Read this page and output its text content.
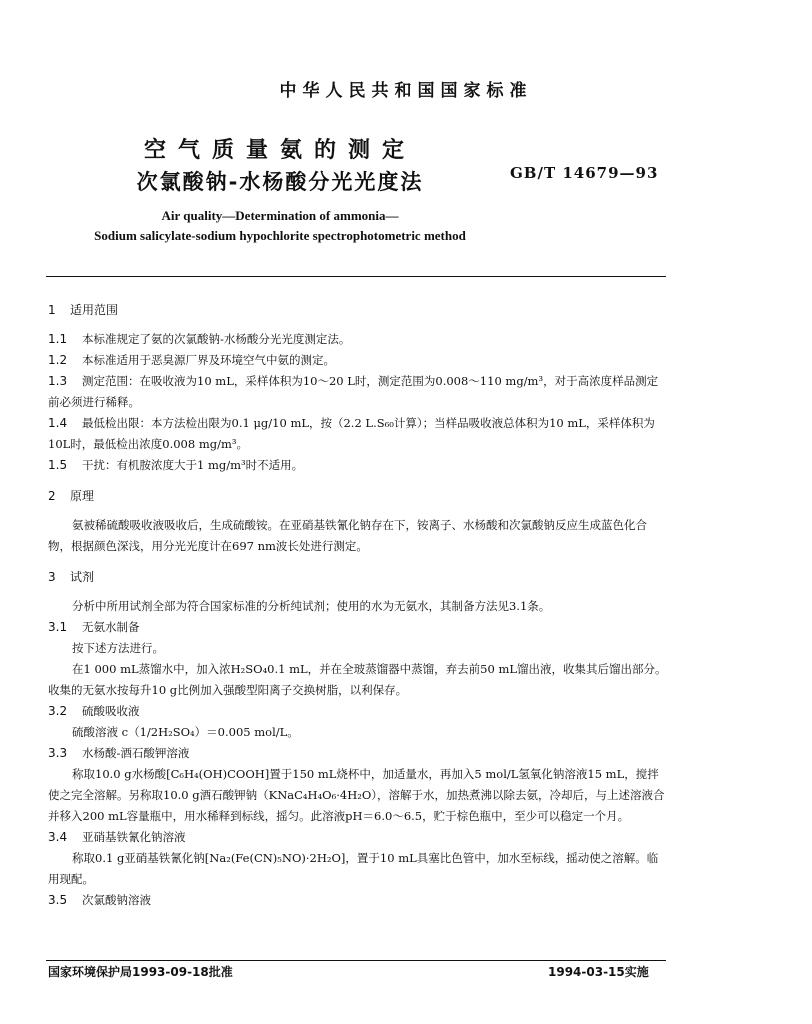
中华人民共和国国家标准
空气质量氨的测定
次氯酸钠-水杨酸分光光度法	GB/T 14679—93
Air quality—Determination of ammonia—
Sodium salicylate-sodium hypochlorite spectrophotometric method
1 适用范围

1.1 本标准规定了氨的次氯酸钠-水杨酸分光光度测定法。

1.2 本标准适用于恶臭源厂界及环境空气中氨的测定。

1.3 测定范围：在吸收液为10 mL，采样体积为10～20 L时，测定范围为0.008～110 mg/m³，对于高浓度样品测定前必须进行稀释。

1.4 最低检出限：本方法检出限为0.1 μg/10 mL，按（2.2 L.S₆₀计算）；当样品吸收液总体积为10 mL，采样体积为10L时，最低检出浓度0.008 mg/m³。

1.5 干扰：有机胺浓度大于1 mg/m³时不适用。

2 原理

氨被稀硫酸吸收液吸收后，生成硫酸铵。在亚硝基铁氰化钠存在下，铵离子、水杨酸和次氯酸钠反应生成蓝色化合物，根据颜色深浅，用分光光度计在697 nm波长处进行测定。

3 试剂

分析中所用试剂全部为符合国家标准的分析纯试剂；使用的水为无氨水，其制备方法见3.1条。

3.1 无氨水制备

按下述方法进行。

在1 000 mL蒸馏水中，加入浓H₂SO₄0.1 mL，并在全玻蒸馏器中蒸馏，弃去前50 mL馏出液，收集其后馏出部分。收集的无氨水按每升10 g比例加入强酸型阳离子交换树脂，以利保存。

3.2 硫酸吸收液

硫酸溶液 c（1/2H₂SO₄）＝0.005 mol/L。

3.3 水杨酸-酒石酸钾溶液

称取10.0 g水杨酸[C₆H₄(OH)COOH]置于150 mL烧杯中，加适量水，再加入5 mol/L氢氧化钠溶液15 mL，搅拌使之完全溶解。另称取10.0 g酒石酸钾钠（KNaC₄H₄O₆·4H₂O），溶解于水，加热煮沸以除去氨，冷却后，与上述溶液合并移入200 mL容量瓶中，用水稀释到标线，摇匀。此溶液pH＝6.0～6.5，贮于棕色瓶中，至少可以稳定一个月。

3.4 亚硝基铁氰化钠溶液

称取0.1 g亚硝基铁氰化钠[Na₂(Fe(CN)₅NO)·2H₂O]，置于10 mL具塞比色管中，加水至标线，摇动使之溶解。临用现配。

3.5 次氯酸钠溶液

国家环境保护局1993-09-18批准	1994-03-15实施
